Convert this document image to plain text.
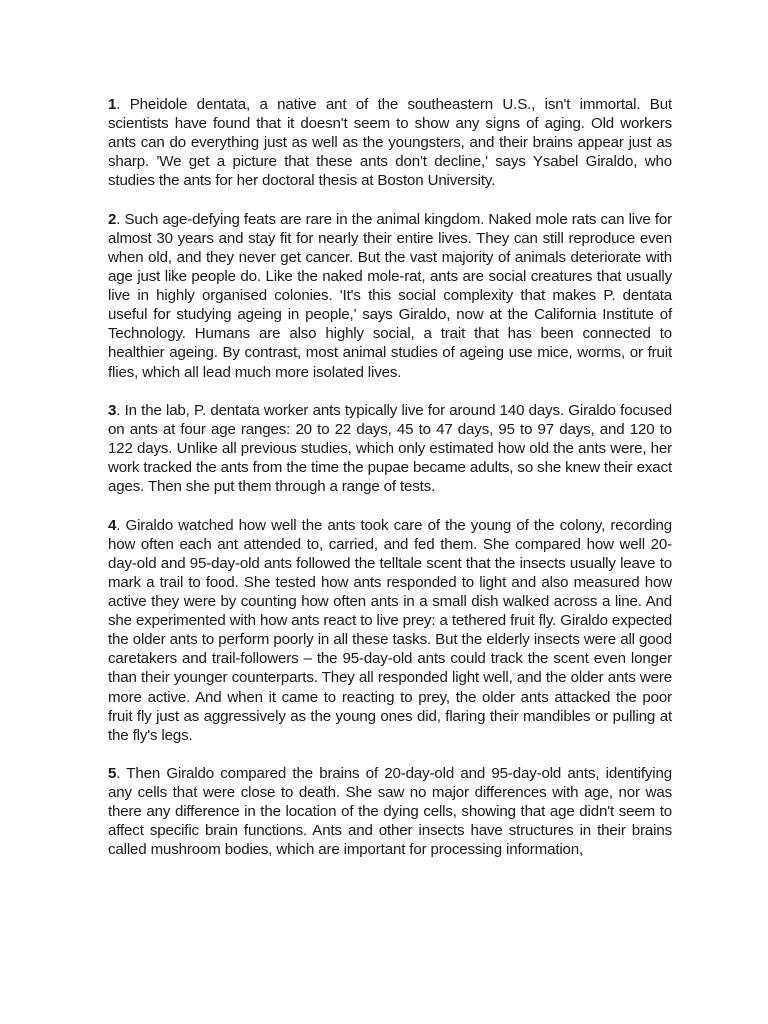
1. Pheidole dentata, a native ant of the southeastern U.S., isn't immortal. But scientists have found that it doesn't seem to show any signs of aging. Old workers ants can do everything just as well as the youngsters, and their brains appear just as sharp. 'We get a picture that these ants don't decline,' says Ysabel Giraldo, who studies the ants for her doctoral thesis at Boston University.

2. Such age-defying feats are rare in the animal kingdom. Naked mole rats can live for almost 30 years and stay fit for nearly their entire lives. They can still reproduce even when old, and they never get cancer. But the vast majority of animals deteriorate with age just like people do. Like the naked mole-rat, ants are social creatures that usually live in highly organised colonies. 'It's this social complexity that makes P. dentata useful for studying ageing in people,' says Giraldo, now at the California Institute of Technology. Humans are also highly social, a trait that has been connected to healthier ageing. By contrast, most animal studies of ageing use mice, worms, or fruit flies, which all lead much more isolated lives.

3. In the lab, P. dentata worker ants typically live for around 140 days. Giraldo focused on ants at four age ranges: 20 to 22 days, 45 to 47 days, 95 to 97 days, and 120 to 122 days. Unlike all previous studies, which only estimated how old the ants were, her work tracked the ants from the time the pupae became adults, so she knew their exact ages. Then she put them through a range of tests.

4. Giraldo watched how well the ants took care of the young of the colony, recording how often each ant attended to, carried, and fed them. She compared how well 20-day-old and 95-day-old ants followed the telltale scent that the insects usually leave to mark a trail to food. She tested how ants responded to light and also measured how active they were by counting how often ants in a small dish walked across a line. And she experimented with how ants react to live prey: a tethered fruit fly. Giraldo expected the older ants to perform poorly in all these tasks. But the elderly insects were all good caretakers and trail-followers – the 95-day-old ants could track the scent even longer than their younger counterparts. They all responded light well, and the older ants were more active. And when it came to reacting to prey, the older ants attacked the poor fruit fly just as aggressively as the young ones did, flaring their mandibles or pulling at the fly's legs.

5. Then Giraldo compared the brains of 20-day-old and 95-day-old ants, identifying any cells that were close to death. She saw no major differences with age, nor was there any difference in the location of the dying cells, showing that age didn't seem to affect specific brain functions. Ants and other insects have structures in their brains called mushroom bodies, which are important for processing information,
